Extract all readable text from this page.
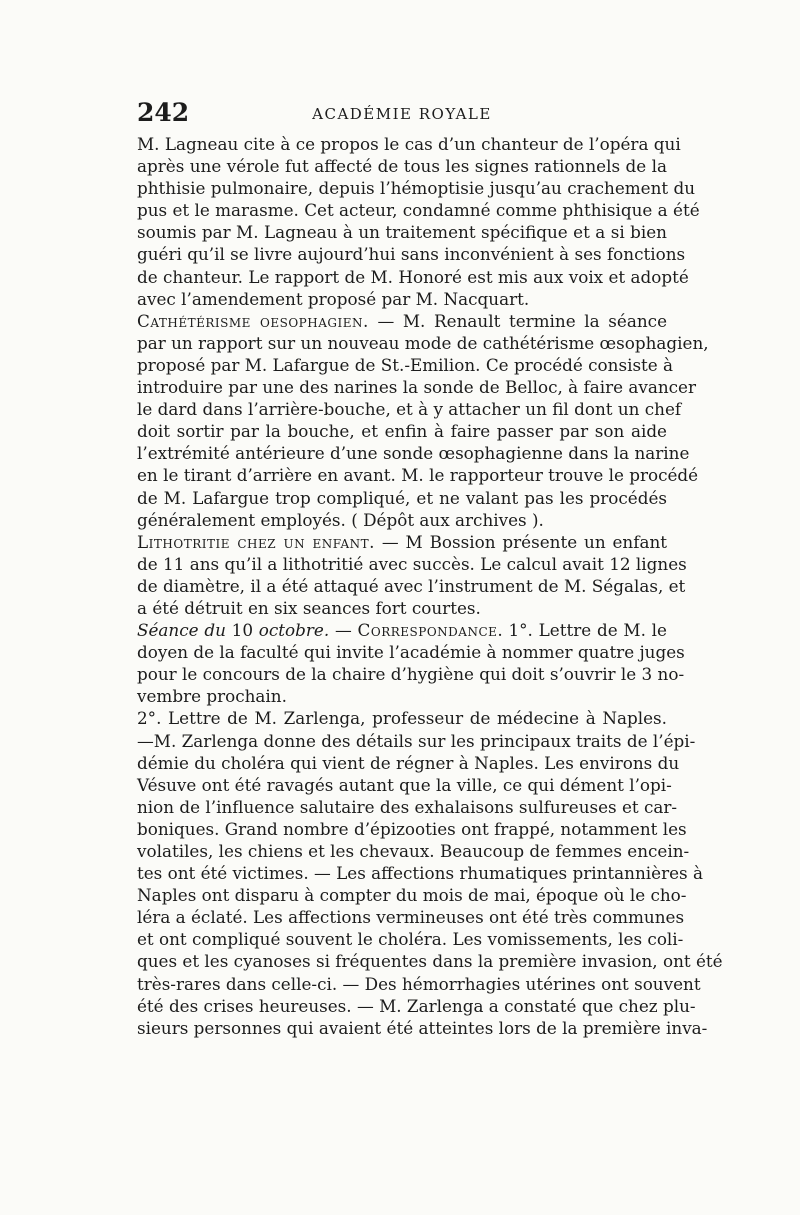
242	ACADÉMIE ROYALE
M. Lagneau cite à ce propos le cas d’un chanteur de l’opéra qui
après une vérole fut affecté de tous les signes rationnels de la
phthisie pulmonaire, depuis l’hémoptisie jusqu’au crachement du
pus et le marasme. Cet acteur, condamné comme phthisique a été
soumis par M. Lagneau à un traitement spécifique et a si bien
guéri qu’il se livre aujourd’hui sans inconvénient à ses fonctions
de chanteur. Le rapport de M. Honoré est mis aux voix et adopté
avec l’amendement proposé par M. Nacquart.
Cathétérisme oesophagien. — M. Renault termine la séance
par un rapport sur un nouveau mode de cathétérisme œsophagien,
proposé par M. Lafargue de St.-Emilion. Ce procédé consiste à
introduire par une des narines la sonde de Belloc, à faire avancer
le dard dans l’arrière-bouche, et à y attacher un fil dont un chef
doit sortir par la bouche, et enfin à faire passer par son aide
l’extrémité antérieure d’une sonde œsophagienne dans la narine
en le tirant d’arrière en avant. M. le rapporteur trouve le procédé
de M. Lafargue trop compliqué, et ne valant pas les procédés
généralement employés. ( Dépôt aux archives ).
Lithotritie chez un enfant. — M Bossion présente un enfant
de 11 ans qu’il a lithotritié avec succès. Le calcul avait 12 lignes
de diamètre, il a été attaqué avec l’instrument de M. Ségalas, et
a été détruit en six seances fort courtes.
Séance du 10 octobre. — Correspondance. 1°. Lettre de M. le
doyen de la faculté qui invite l’académie à nommer quatre juges
pour le concours de la chaire d’hygiène qui doit s’ouvrir le 3 no-
vembre prochain.
2°. Lettre de M. Zarlenga, professeur de médecine à Naples.
—M. Zarlenga donne des détails sur les principaux traits de l’épi-
démie du choléra qui vient de régner à Naples. Les environs du
Vésuve ont été ravagés autant que la ville, ce qui dément l’opi-
nion de l’influence salutaire des exhalaisons sulfureuses et car-
boniques. Grand nombre d’épizooties ont frappé, notamment les
volatiles, les chiens et les chevaux. Beaucoup de femmes encein-
tes ont été victimes. — Les affections rhumatiques printannières à
Naples ont disparu à compter du mois de mai, époque où le cho-
léra a éclaté. Les affections vermineuses ont été très communes
et ont compliqué souvent le choléra. Les vomissements, les coli-
ques et les cyanoses si fréquentes dans la première invasion, ont été
très-rares dans celle-ci. — Des hémorrhagies utérines ont souvent
été des crises heureuses. — M. Zarlenga a constaté que chez plu-
sieurs personnes qui avaient été atteintes lors de la première inva-
